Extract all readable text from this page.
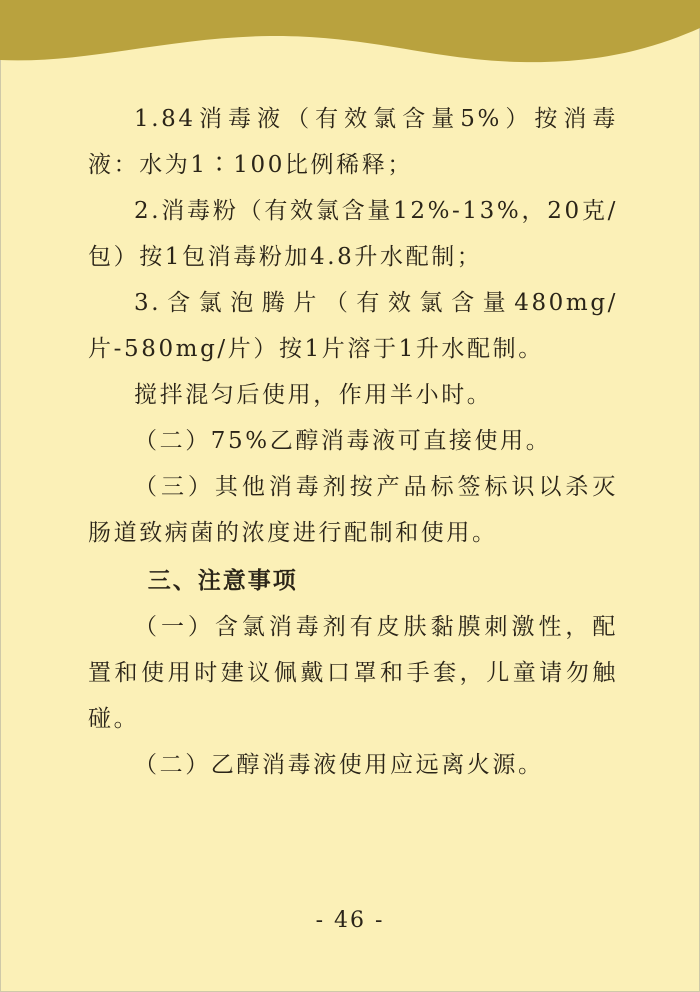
1.84消毒液（有效氯含量5%）按消毒液：水为1∶100比例稀释；

2.消毒粉（有效氯含量12%-13%，20克/包）按1包消毒粉加4.8升水配制；

3.含氯泡腾片（有效氯含量480mg/片-580mg/片）按1片溶于1升水配制。

搅拌混匀后使用，作用半小时。

（二）75%乙醇消毒液可直接使用。

（三）其他消毒剂按产品标签标识以杀灭肠道致病菌的浓度进行配制和使用。

三、注意事项

（一）含氯消毒剂有皮肤黏膜刺激性，配置和使用时建议佩戴口罩和手套，儿童请勿触碰。

（二）乙醇消毒液使用应远离火源。

- 46 -
